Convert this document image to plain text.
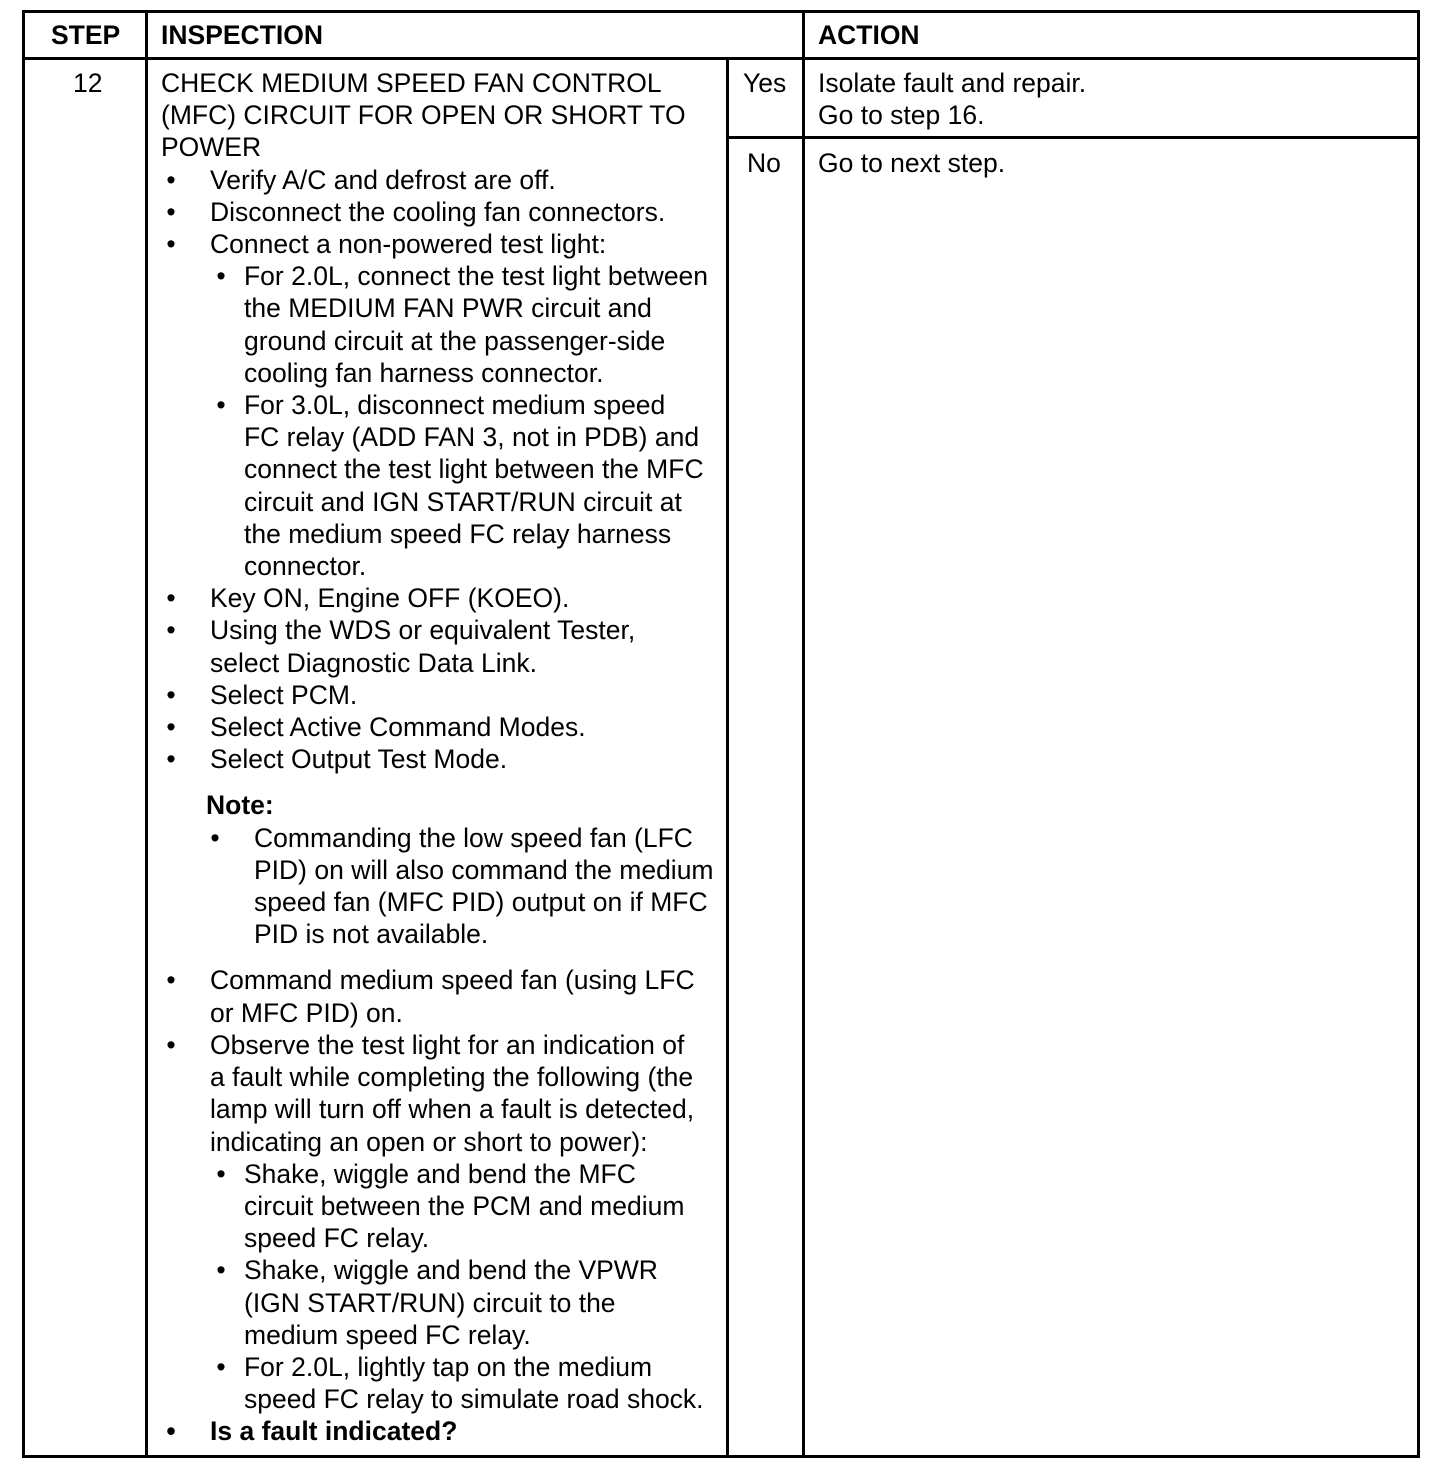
STEP INSPECTION	ACTION
12 CHECK MEDIUM SPEED FAN CONTROL
(MFC) CIRCUIT FOR OPEN OR SHORT TO
POWER
• Verify A/C and defrost are off.
• Disconnect the cooling fan connectors.
• Connect a non-powered test light:
• For 2.0L, connect the test light between
the MEDIUM FAN PWR circuit and
ground circuit at the passenger-side
cooling fan harness connector.
• For 3.0L, disconnect medium speed
FC relay (ADD FAN 3, not in PDB) and
connect the test light between the MFC
circuit and IGN START/RUN circuit at
the medium speed FC relay harness
connector.
• Key ON, Engine OFF (KOEO).
• Using the WDS or equivalent Tester,
select Diagnostic Data Link.
• Select PCM.
• Select Active Command Modes.
• Select Output Test Mode.
Note:
• Commanding the low speed fan (LFC
PID) on will also command the medium
speed fan (MFC PID) output on if MFC
PID is not available.
• Command medium speed fan (using LFC
or MFC PID) on.
• Observe the test light for an indication of
a fault while completing the following (the
lamp will turn off when a fault is detected,
indicating an open or short to power):
• Shake, wiggle and bend the MFC
circuit between the PCM and medium
speed FC relay.
• Shake, wiggle and bend the VPWR
(IGN START/RUN) circuit to the
medium speed FC relay.
• For 2.0L, lightly tap on the medium
speed FC relay to simulate road shock.
• Is a fault indicated?
Yes
No
Isolate fault and repair.
Go to step 16.
Go to next step.
